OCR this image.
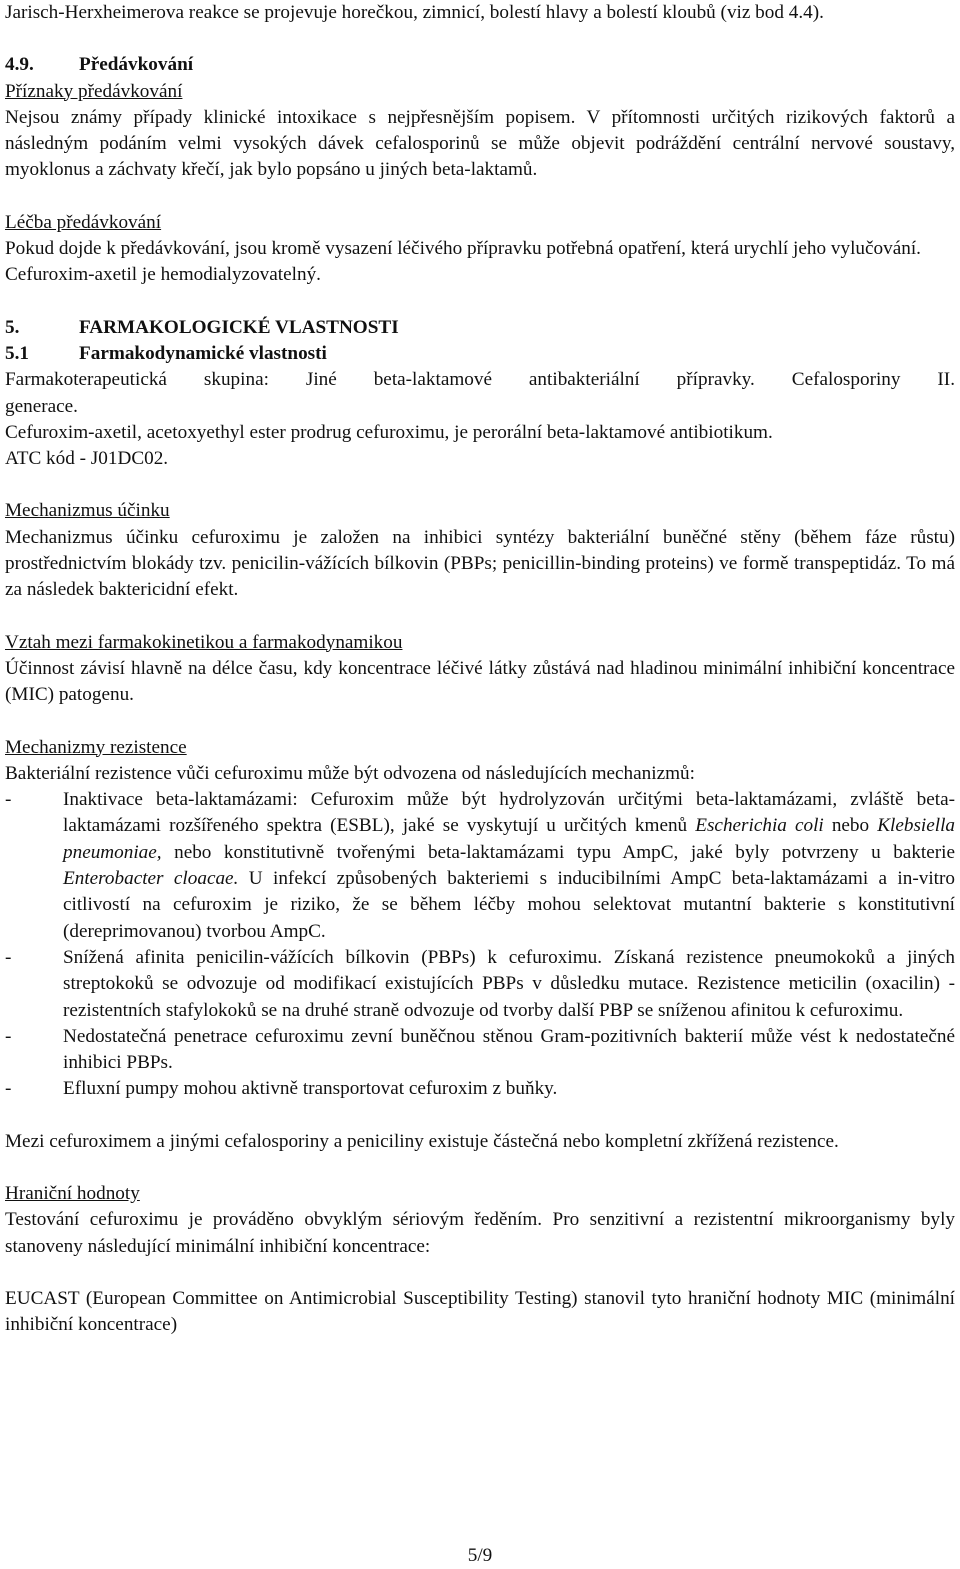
Jarisch-Herxheimerova reakce se projevuje horečkou, zimnicí, bolestí hlavy a bolestí kloubů (viz bod 4.4).

4.9. Předávkování

Příznaky předávkování

Nejsou známy případy klinické intoxikace s nejpřesnějším popisem. V přítomnosti určitých rizikových faktorů a následným podáním velmi vysokých dávek cefalosporinů se může objevit podráždění centrální nervové soustavy, myoklonus a záchvaty křečí, jak bylo popsáno u jiných beta-laktamů.

Léčba předávkování

Pokud dojde k předávkování, jsou kromě vysazení léčivého přípravku potřebná opatření, která urychlí jeho vylučování.

Cefuroxim-axetil je hemodialyzovatelný.

5.	FARMAKOLOGICKÉ VLASTNOSTI

5.1	Farmakodynamické vlastnosti

Farmakoterapeutická skupina: Jiné beta-laktamové antibakteriální přípravky. Cefalosporiny II.

generace.

Cefuroxim-axetil, acetoxyethyl ester prodrug cefuroximu, je perorální beta-laktamové antibiotikum.

ATC kód - J01DC02.

Mechanizmus účinku

Mechanizmus účinku cefuroximu je založen na inhibici syntézy bakteriální buněčné stěny (během fáze růstu) prostřednictvím blokády tzv. penicilin-vážících bílkovin (PBPs; penicillin-binding proteins) ve formě transpeptidáz. To má za následek baktericidní efekt.

Vztah mezi farmakokinetikou a farmakodynamikou

Účinnost závisí hlavně na délce času, kdy koncentrace léčivé látky zůstává nad hladinou minimální inhibiční koncentrace (MIC) patogenu.

Mechanizmy rezistence

Bakteriální rezistence vůči cefuroximu může být odvozena od následujících mechanizmů:

-	Inaktivace beta-laktamázami: Cefuroxim může být hydrolyzován určitými beta-laktamázami, zvláště beta-laktamázami rozšířeného spektra (ESBL), jaké se vyskytují u určitých kmenů Escherichia coli nebo Klebsiella pneumoniae, nebo konstitutivně tvořenými beta-laktamázami typu AmpC, jaké byly potvrzeny u bakterie Enterobacter cloacae. U infekcí způsobených bakteriemi s inducibilními AmpC beta-laktamázami a in-vitro citlivostí na cefuroxim je riziko, že se během léčby mohou selektovat mutantní bakterie s konstitutivní (dereprimovanou) tvorbou AmpC.
-	Snížená afinita penicilin-vážících bílkovin (PBPs) k cefuroximu. Získaná rezistence pneumokoků a jiných streptokoků se odvozuje od modifikací existujících PBPs v důsledku mutace. Rezistence meticilin (oxacilin) - rezistentních stafylokoků se na druhé straně odvozuje od tvorby další PBP se sníženou afinitou k cefuroximu.
-	Nedostatečná penetrace cefuroximu zevní buněčnou stěnou Gram-pozitivních bakterií může vést k nedostatečné inhibici PBPs.
-	Efluxní pumpy mohou aktivně transportovat cefuroxim z buňky.

Mezi cefuroximem a jinými cefalosporiny a peniciliny existuje částečná nebo kompletní zkřížená rezistence.

Hraniční hodnoty

Testování cefuroximu je prováděno obvyklým sériovým ředěním. Pro senzitivní a rezistentní mikroorganismy byly stanoveny následující minimální inhibiční koncentrace:

EUCAST (European Committee on Antimicrobial Susceptibility Testing) stanovil tyto hraniční hodnoty MIC (minimální inhibiční koncentrace)

5/9
